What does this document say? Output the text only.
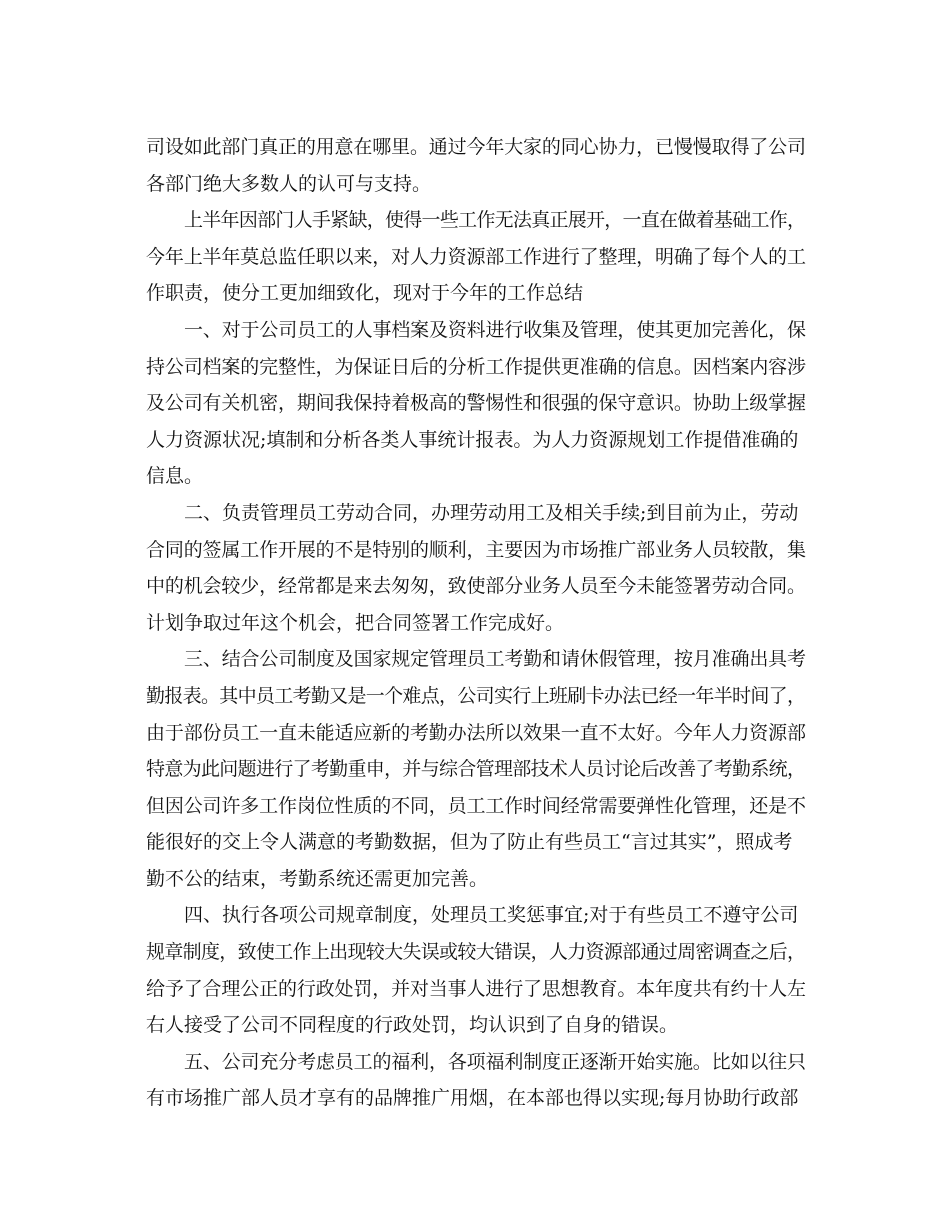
司设如此部门真正的用意在哪里。通过今年大家的同心协力，已慢慢取得了公司
各部门绝大多数人的认可与支持。
上半年因部门人手紧缺，使得一些工作无法真正展开，一直在做着基础工作，
今年上半年莫总监任职以来，对人力资源部工作进行了整理，明确了每个人的工
作职责，使分工更加细致化，现对于今年的工作总结
一、对于公司员工的人事档案及资料进行收集及管理，使其更加完善化，保
持公司档案的完整性，为保证日后的分析工作提供更准确的信息。因档案内容涉
及公司有关机密，期间我保持着极高的警惕性和很强的保守意识。协助上级掌握
人力资源状况;填制和分析各类人事统计报表。为人力资源规划工作提借准确的
信息。
二、负责管理员工劳动合同，办理劳动用工及相关手续;到目前为止，劳动
合同的签属工作开展的不是特别的顺利，主要因为市场推广部业务人员较散，集
中的机会较少，经常都是来去匆匆，致使部分业务人员至今未能签署劳动合同。
计划争取过年这个机会，把合同签署工作完成好。
三、结合公司制度及国家规定管理员工考勤和请休假管理，按月准确出具考
勤报表。其中员工考勤又是一个难点，公司实行上班刷卡办法已经一年半时间了，
由于部份员工一直未能适应新的考勤办法所以效果一直不太好。今年人力资源部
特意为此问题进行了考勤重申，并与综合管理部技术人员讨论后改善了考勤系统，
但因公司许多工作岗位性质的不同，员工工作时间经常需要弹性化管理，还是不
能很好的交上令人满意的考勤数据，但为了防止有些员工“言过其实”，照成考
勤不公的结束，考勤系统还需更加完善。
四、执行各项公司规章制度，处理员工奖惩事宜;对于有些员工不遵守公司
规章制度，致使工作上出现较大失误或较大错误，人力资源部通过周密调查之后，
给予了合理公正的行政处罚，并对当事人进行了思想教育。本年度共有约十人左
右人接受了公司不同程度的行政处罚，均认识到了自身的错误。
五、公司充分考虑员工的福利，各项福利制度正逐渐开始实施。比如以往只
有市场推广部人员才享有的品牌推广用烟，在本部也得以实现;每月协助行政部
